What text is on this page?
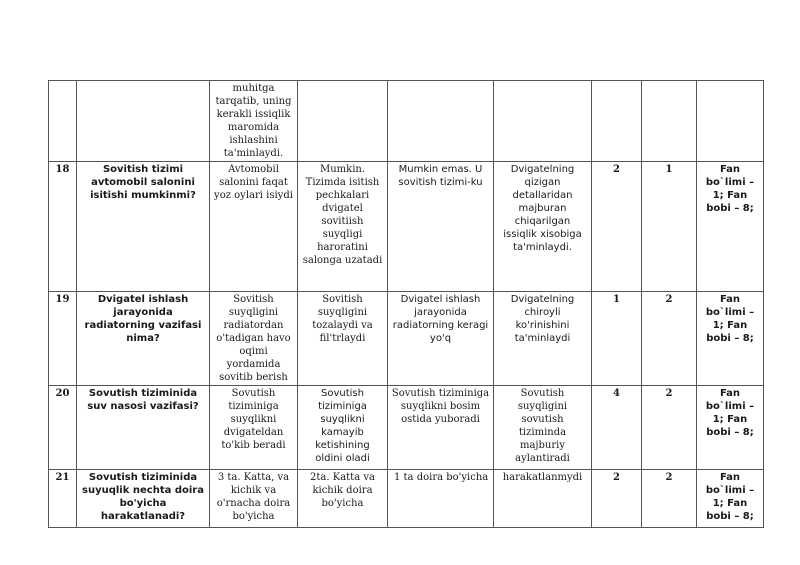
		muhitga tarqatib, uning kerakli issiqlik maromida ishlashini ta'minlaydi.						
18	Sovitish tizimi avtomobil salonini isitishi mumkinmi?	Avtomobil salonini faqat yoz oylari isiydi	Mumkin. Tizimda isitish pechkalari dvigatel sovitiish suyqligi haroratini salonga uzatadi	Mumkin emas. U sovitish tizimi-ku	Dvigatelning qizigan detallaridan majburan chiqarilgan issiqlik xisobiga ta'minlaydi.	2	1	Fan bo`limi – 1; Fan bobi – 8;
19	Dvigatel ishlash jarayonida radiatorning vazifasi nima?	Sovitish suyqligini radiatordan o'tadigan havo oqimi yordamida sovitib berish	Sovitish suyqligini tozalaydi va fil'trlaydi	Dvigatel ishlash jarayonida radiatorning keragi yo'q	Dvigatelning chiroyli ko'rinishini ta'minlaydi	1	2	Fan bo`limi – 1; Fan bobi – 8;
20	Sovutish tiziminida suv nasosi vazifasi?	Sovutish tiziminiga suyqlikni dvigateldan to'kib beradi	Sovutish tiziminiga suyqlikni kamayib ketishining oldini oladi	Sovutish tiziminiga suyqlikni bosim ostida yuboradi	Sovutish suyqligini sovutish tiziminda majburiy aylantiradi	4	2	Fan bo`limi – 1; Fan bobi – 8;
21	Sovutish tiziminida suyuqlik nechta doira bo'yicha harakatlanadi?	3 ta. Katta, va kichik va o'rnacha doira bo'yicha	2ta. Katta va kichik doira bo'yicha	1 ta doira bo'yicha	harakatlanmydi	2	2	Fan bo`limi – 1; Fan bobi – 8;
